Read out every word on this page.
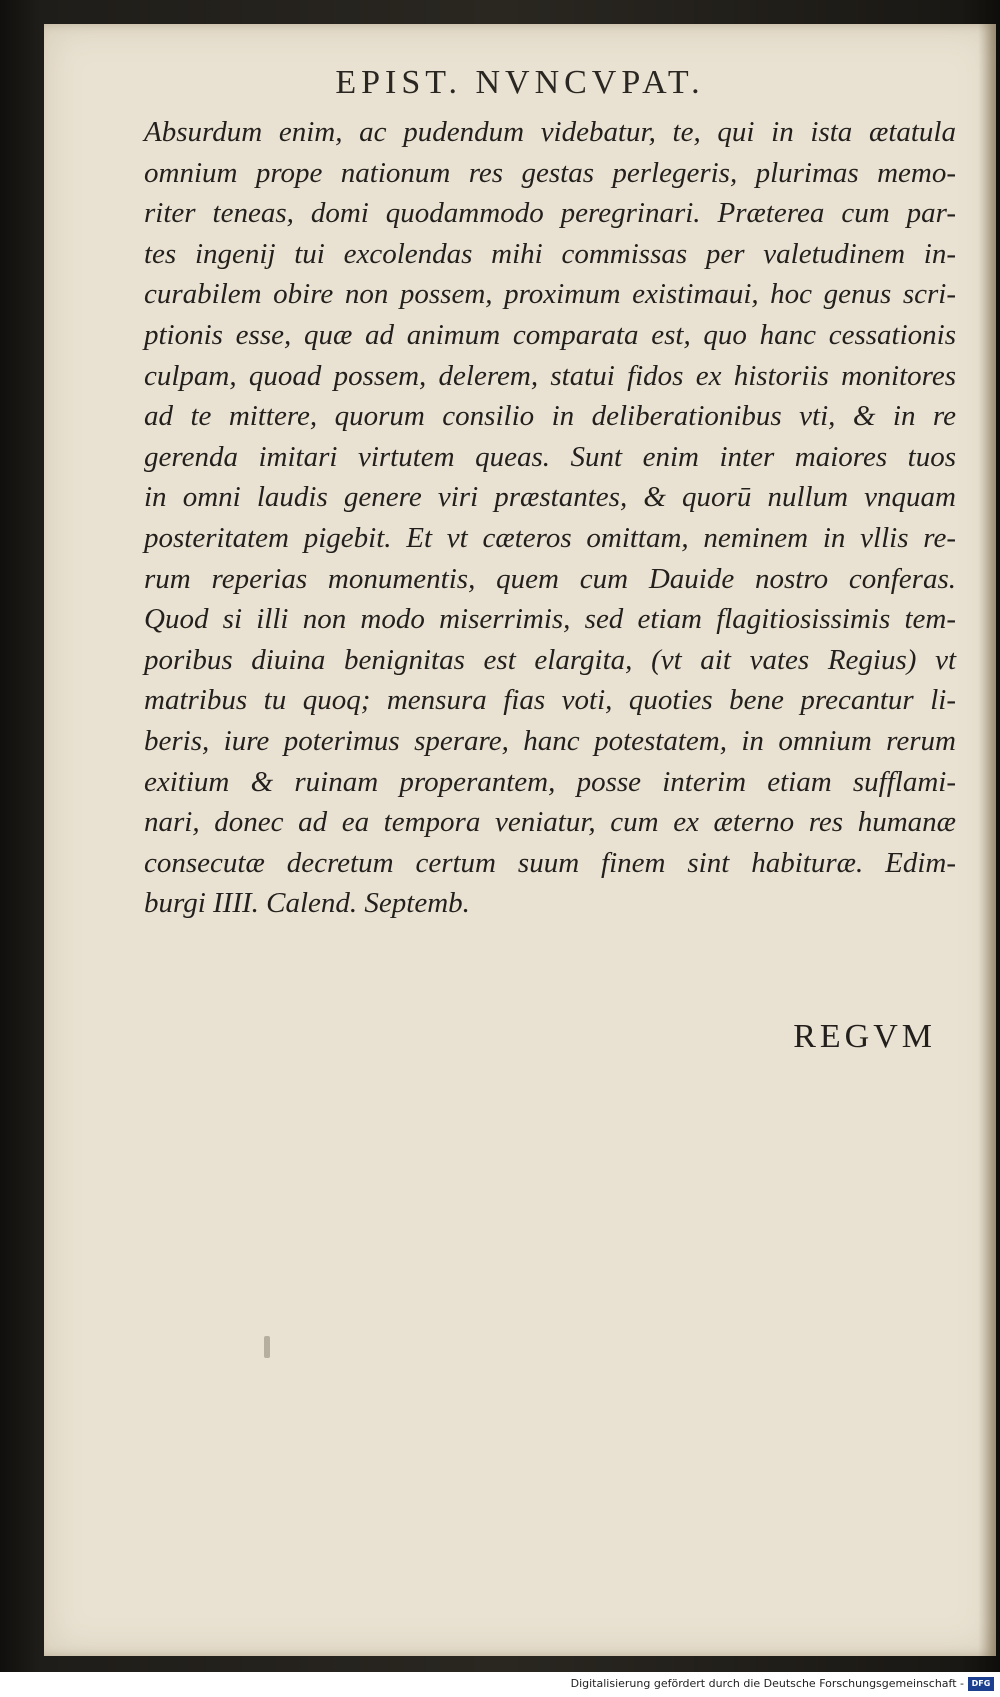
EPIST. NVNCVPAT.
Absurdum enim, ac pudendum videbatur, te, qui in ista ætatula
omnium prope nationum res gestas perlegeris, plurimas memo-
riter teneas, domi quodammodo peregrinari. Præterea cum par-
tes ingenij tui excolendas mihi commissas per valetudinem in-
curabilem obire non possem, proximum existimaui, hoc genus scri-
ptionis esse, quæ ad animum comparata est, quo hanc cessationis
culpam, quoad possem, delerem, statui fidos ex historiis monitores
ad te mittere, quorum consilio in deliberationibus vti, & in re
gerenda imitari virtutem queas. Sunt enim inter maiores tuos
in omni laudis genere viri præstantes, & quorū nullum vnquam
posteritatem pigebit. Et vt cæteros omittam, neminem in vllis re-
rum reperias monumentis, quem cum Dauide nostro conferas.
Quod si illi non modo miserrimis, sed etiam flagitiosissimis tem-
poribus diuina benignitas est elargita, (vt ait vates Regius) vt
matribus tu quoq; mensura fias voti, quoties bene precantur li-
beris, iure poterimus sperare, hanc potestatem, in omnium rerum
exitium & ruinam properantem, posse interim etiam sufflami-
nari, donec ad ea tempora veniatur, cum ex æterno res humanæ
consecutæ decretum certum suum finem sint habituræ. Edim-
burgi IIII. Calend. Septemb.
REGVM
Digitalisierung gefördert durch die Deutsche Forschungsgemeinschaft - DFG
